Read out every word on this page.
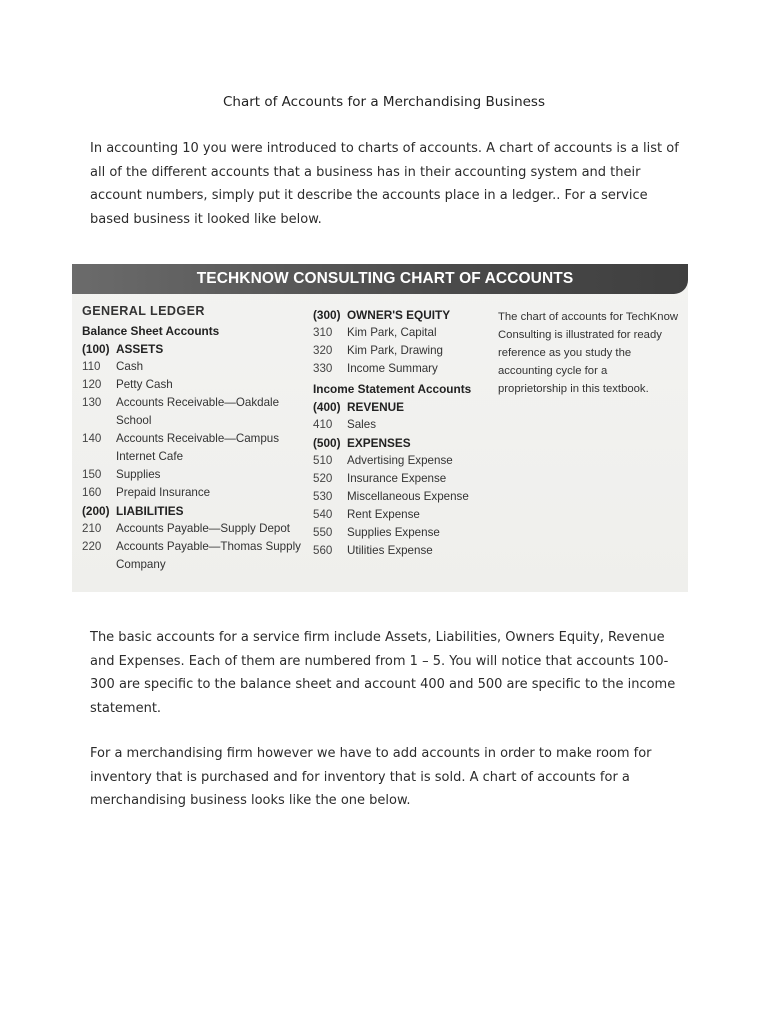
Chart of Accounts for a Merchandising Business

In accounting 10 you were introduced to charts of accounts. A chart of accounts is a list of all of the different accounts that a business has in their accounting system and their account numbers, simply put it describe the accounts place in a ledger.. For a service based business it looked like below.

TECHKNOW CONSULTING CHART OF ACCOUNTS
GENERAL LEDGER
Balance Sheet Accounts
(100) ASSETS
110	Cash
120	Petty Cash
130	Accounts Receivable—Oakdale School
140	Accounts Receivable—Campus Internet Cafe
150	Supplies
160	Prepaid Insurance
(200) LIABILITIES
210	Accounts Payable—Supply Depot
220	Accounts Payable—Thomas Supply Company
(300) OWNER'S EQUITY
310	Kim Park, Capital
320	Kim Park, Drawing
330	Income Summary
Income Statement Accounts
(400) REVENUE
410	Sales
(500) EXPENSES
510	Advertising Expense
520	Insurance Expense
530	Miscellaneous Expense
540	Rent Expense
550	Supplies Expense
560	Utilities Expense
The chart of accounts for TechKnow Consulting is illustrated for ready reference as you study the accounting cycle for a proprietorship in this textbook.

The basic accounts for a service firm include Assets, Liabilities, Owners Equity, Revenue and Expenses. Each of them are numbered from 1 – 5. You will notice that accounts 100-300 are specific to the balance sheet and account 400 and 500 are specific to the income statement.

For a merchandising firm however we have to add accounts in order to make room for inventory that is purchased and for inventory that is sold. A chart of accounts for a merchandising business looks like the one below.
